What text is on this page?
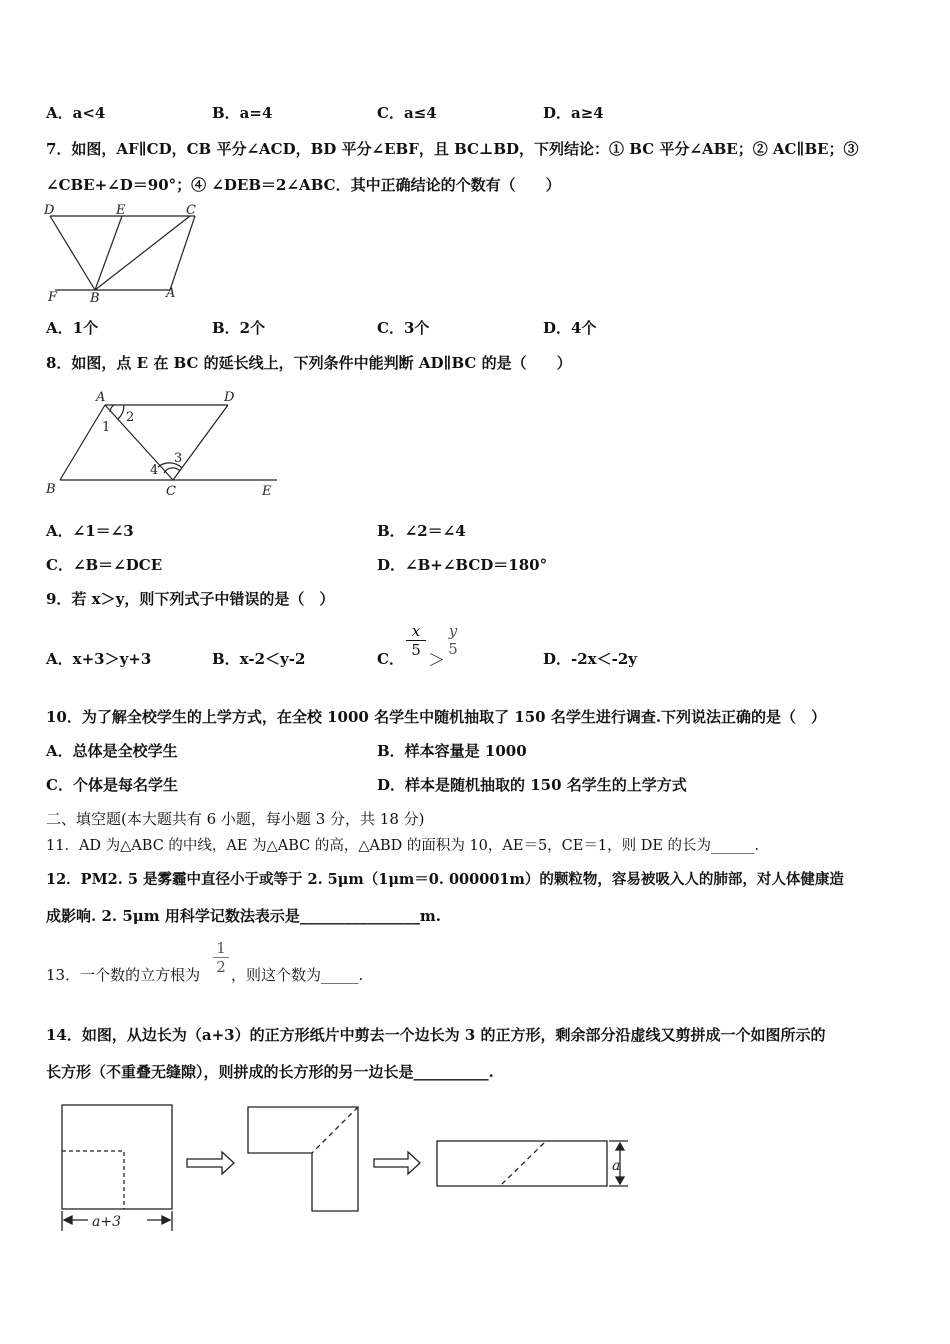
A．a<4	B．a=4	C．a≤4	D．a≥4
7．如图，AF∥CD，CB 平分∠ACD，BD 平分∠EBF，且 BC⊥BD，下列结论：① BC 平分∠ABE；② AC∥BE；③
∠CBE+∠D＝90°；④ ∠DEB＝2∠ABC．其中正确结论的个数有（　　）
D	E	C
F	B	A
A．1个	B．2个	C．3个	D．4个
8．如图，点 E 在 BC 的延长线上，下列条件中能判断 AD∥BC 的是（　　）
A	D
B	C	E
1
2
3
4
A．∠1＝∠3	B．∠2＝∠4
C．∠B＝∠DCE	D．∠B+∠BCD＝180°
9．若 x＞y，则下列式子中错误的是（　）
A．x+3＞y+3	B．x-2＜y-2	C．
x
5
＞
y
5
D．-2x＜-2y
10．为了解全校学生的上学方式，在全校 1000 名学生中随机抽取了 150 名学生进行调查.下列说法正确的是（　）
A．总体是全校学生	B．样本容量是 1000
C．个体是每名学生	D．样本是随机抽取的 150 名学生的上学方式
二、填空题(本大题共有 6 小题，每小题 3 分，共 18 分)
11．AD 为△ABC 的中线，AE 为△ABC 的高，△ABD 的面积为 10，AE＝5，CE＝1，则 DE 的长为______.
12．PM2. 5 是雾霾中直径小于或等于 2. 5μm（1μm＝0. 000001m）的颗粒物，容易被吸入人的肺部，对人体健康造
成影响. 2. 5μm 用科学记数法表示是________________m.
13．一个数的立方根为
1
2 ，则这个数为_____.
14．如图，从边长为（a+3）的正方形纸片中剪去一个边长为 3 的正方形，剩余部分沿虚线又剪拼成一个如图所示的
长方形（不重叠无缝隙），则拼成的长方形的另一边长是__________.
a+3
a
